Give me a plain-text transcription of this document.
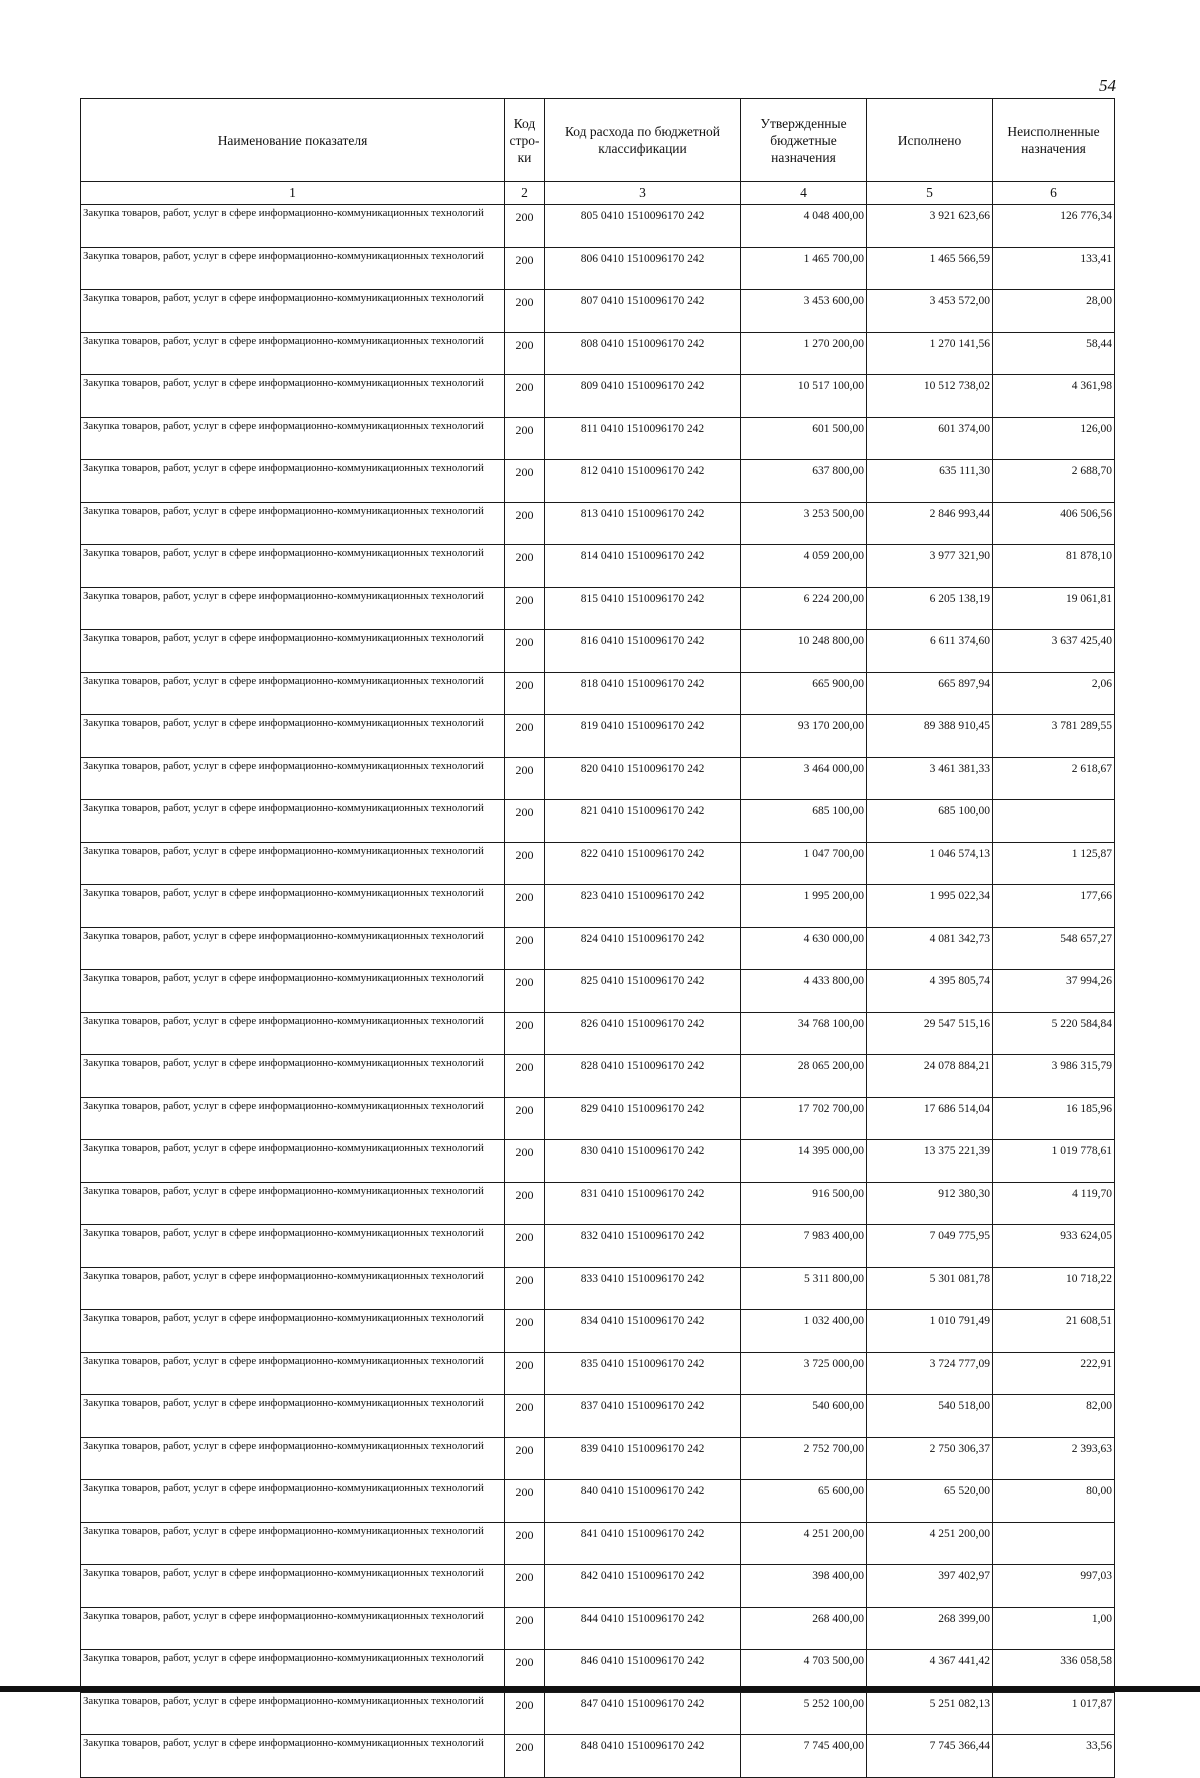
54
Наименование показателя	Код стро-ки	Код расхода по бюджетной классификации	Утвержденные бюджетные назначения	Исполнено	Неисполненные назначения
1	2	3	4	5	6
Закупка товаров, работ, услуг в сфере информационно-коммуникационных технологий	200	805 0410 1510096170 242	4 048 400,00	3 921 623,66	126 776,34
Закупка товаров, работ, услуг в сфере информационно-коммуникационных технологий	200	806 0410 1510096170 242	1 465 700,00	1 465 566,59	133,41
Закупка товаров, работ, услуг в сфере информационно-коммуникационных технологий	200	807 0410 1510096170 242	3 453 600,00	3 453 572,00	28,00
Закупка товаров, работ, услуг в сфере информационно-коммуникационных технологий	200	808 0410 1510096170 242	1 270 200,00	1 270 141,56	58,44
Закупка товаров, работ, услуг в сфере информационно-коммуникационных технологий	200	809 0410 1510096170 242	10 517 100,00	10 512 738,02	4 361,98
Закупка товаров, работ, услуг в сфере информационно-коммуникационных технологий	200	811 0410 1510096170 242	601 500,00	601 374,00	126,00
Закупка товаров, работ, услуг в сфере информационно-коммуникационных технологий	200	812 0410 1510096170 242	637 800,00	635 111,30	2 688,70
Закупка товаров, работ, услуг в сфере информационно-коммуникационных технологий	200	813 0410 1510096170 242	3 253 500,00	2 846 993,44	406 506,56
Закупка товаров, работ, услуг в сфере информационно-коммуникационных технологий	200	814 0410 1510096170 242	4 059 200,00	3 977 321,90	81 878,10
Закупка товаров, работ, услуг в сфере информационно-коммуникационных технологий	200	815 0410 1510096170 242	6 224 200,00	6 205 138,19	19 061,81
Закупка товаров, работ, услуг в сфере информационно-коммуникационных технологий	200	816 0410 1510096170 242	10 248 800,00	6 611 374,60	3 637 425,40
Закупка товаров, работ, услуг в сфере информационно-коммуникационных технологий	200	818 0410 1510096170 242	665 900,00	665 897,94	2,06
Закупка товаров, работ, услуг в сфере информационно-коммуникационных технологий	200	819 0410 1510096170 242	93 170 200,00	89 388 910,45	3 781 289,55
Закупка товаров, работ, услуг в сфере информационно-коммуникационных технологий	200	820 0410 1510096170 242	3 464 000,00	3 461 381,33	2 618,67
Закупка товаров, работ, услуг в сфере информационно-коммуникационных технологий	200	821 0410 1510096170 242	685 100,00	685 100,00	
Закупка товаров, работ, услуг в сфере информационно-коммуникационных технологий	200	822 0410 1510096170 242	1 047 700,00	1 046 574,13	1 125,87
Закупка товаров, работ, услуг в сфере информационно-коммуникационных технологий	200	823 0410 1510096170 242	1 995 200,00	1 995 022,34	177,66
Закупка товаров, работ, услуг в сфере информационно-коммуникационных технологий	200	824 0410 1510096170 242	4 630 000,00	4 081 342,73	548 657,27
Закупка товаров, работ, услуг в сфере информационно-коммуникационных технологий	200	825 0410 1510096170 242	4 433 800,00	4 395 805,74	37 994,26
Закупка товаров, работ, услуг в сфере информационно-коммуникационных технологий	200	826 0410 1510096170 242	34 768 100,00	29 547 515,16	5 220 584,84
Закупка товаров, работ, услуг в сфере информационно-коммуникационных технологий	200	828 0410 1510096170 242	28 065 200,00	24 078 884,21	3 986 315,79
Закупка товаров, работ, услуг в сфере информационно-коммуникационных технологий	200	829 0410 1510096170 242	17 702 700,00	17 686 514,04	16 185,96
Закупка товаров, работ, услуг в сфере информационно-коммуникационных технологий	200	830 0410 1510096170 242	14 395 000,00	13 375 221,39	1 019 778,61
Закупка товаров, работ, услуг в сфере информационно-коммуникационных технологий	200	831 0410 1510096170 242	916 500,00	912 380,30	4 119,70
Закупка товаров, работ, услуг в сфере информационно-коммуникационных технологий	200	832 0410 1510096170 242	7 983 400,00	7 049 775,95	933 624,05
Закупка товаров, работ, услуг в сфере информационно-коммуникационных технологий	200	833 0410 1510096170 242	5 311 800,00	5 301 081,78	10 718,22
Закупка товаров, работ, услуг в сфере информационно-коммуникационных технологий	200	834 0410 1510096170 242	1 032 400,00	1 010 791,49	21 608,51
Закупка товаров, работ, услуг в сфере информационно-коммуникационных технологий	200	835 0410 1510096170 242	3 725 000,00	3 724 777,09	222,91
Закупка товаров, работ, услуг в сфере информационно-коммуникационных технологий	200	837 0410 1510096170 242	540 600,00	540 518,00	82,00
Закупка товаров, работ, услуг в сфере информационно-коммуникационных технологий	200	839 0410 1510096170 242	2 752 700,00	2 750 306,37	2 393,63
Закупка товаров, работ, услуг в сфере информационно-коммуникационных технологий	200	840 0410 1510096170 242	65 600,00	65 520,00	80,00
Закупка товаров, работ, услуг в сфере информационно-коммуникационных технологий	200	841 0410 1510096170 242	4 251 200,00	4 251 200,00	
Закупка товаров, работ, услуг в сфере информационно-коммуникационных технологий	200	842 0410 1510096170 242	398 400,00	397 402,97	997,03
Закупка товаров, работ, услуг в сфере информационно-коммуникационных технологий	200	844 0410 1510096170 242	268 400,00	268 399,00	1,00
Закупка товаров, работ, услуг в сфере информационно-коммуникационных технологий	200	846 0410 1510096170 242	4 703 500,00	4 367 441,42	336 058,58
Закупка товаров, работ, услуг в сфере информационно-коммуникационных технологий	200	847 0410 1510096170 242	5 252 100,00	5 251 082,13	1 017,87
Закупка товаров, работ, услуг в сфере информационно-коммуникационных технологий	200	848 0410 1510096170 242	7 745 400,00	7 745 366,44	33,56
